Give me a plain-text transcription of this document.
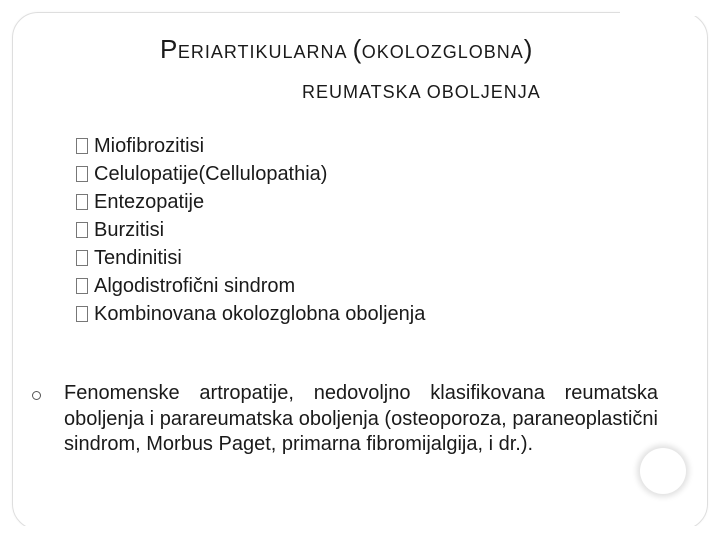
PERIARTIKULARNA (OKOLOZGLOBNA)
REUMATSKA OBOLJENJA
Miofibrozitisi
Celulopatije(Cellulopathia)
Entezopatije
Burzitisi
Tendinitisi
Algodistrofični sindrom
Kombinovana okolozglobna oboljenja

Fenomenske artropatije, nedovoljno klasifikovana reumatska oboljenja i parareumatska oboljenja (osteoporoza, paraneoplastični sindrom, Morbus Paget, primarna fibromijalgija, i dr.).
